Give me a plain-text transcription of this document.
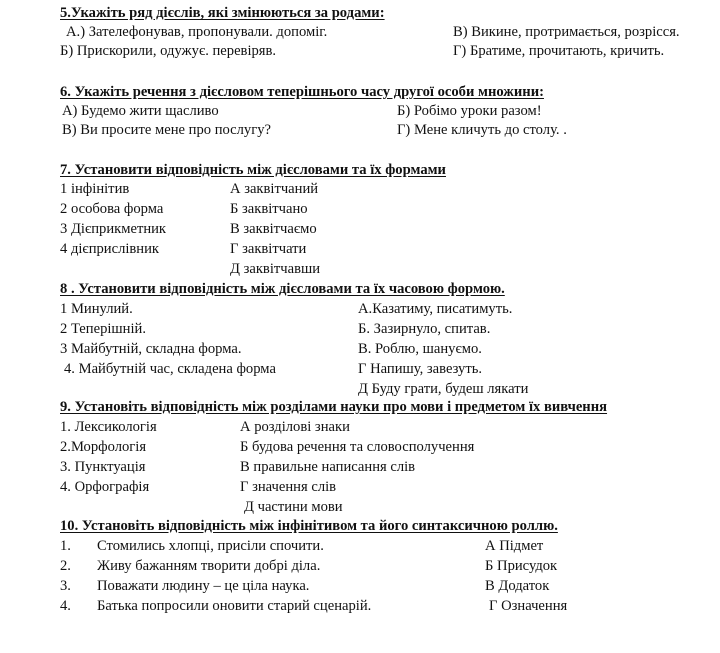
5.Укажіть ряд дієслів, які змінюються за родами:
А.) Зателефонував, пропонували. допоміг.
Б) Прискорили, одужує. перевіряв.
В) Викине, протримається, розрісся.
Г) Братиме, прочитають, кричить.
6. Укажіть речення з дієсловом теперішнього часу другої особи множини:
А) Будемо жити щасливо
В) Ви просите мене про послугу?
Б) Робімо уроки разом!
Г) Мене кличуть до столу. .
7. Установити відповідність між дієсловами та їх формами
1 інфінітив
2 особова форма
3 Дієприкметник
4 дієприслівник
А заквітчаний
Б заквітчано
В заквітчаємо
Г заквітчати
Д заквітчавши
8 . Установити відповідність між дієсловами та їх часовою формою.
1 Минулий.
2 Теперішній.
3 Майбутній, складна форма.
4. Майбутній час, складена форма
А.Казатиму, писатимуть.
Б. Зазирнуло, спитав.
В. Роблю, шануємо.
Г Напишу, завезуть.
Д Буду грати, будеш лякати
9. Установіть відповідність між розділами науки про мови і предметом їх вивчення
1. Лексикологія
2.Морфологія
3. Пунктуація
4. Орфографія
А розділові знаки
Б будова речення та словосполучення
В правильне написання слів
Г значення слів
Д частини мови
10. Установіть відповідність між інфінітивом та його синтаксичною роллю.
1.
2.
3.
4.
Стомились хлопці, присіли спочити.
Живу бажанням творити добрі діла.
Поважати людину – це ціла наука.
Батька попросили оновити старий сценарій.
А Підмет
Б Присудок
В Додаток
Г Означення
